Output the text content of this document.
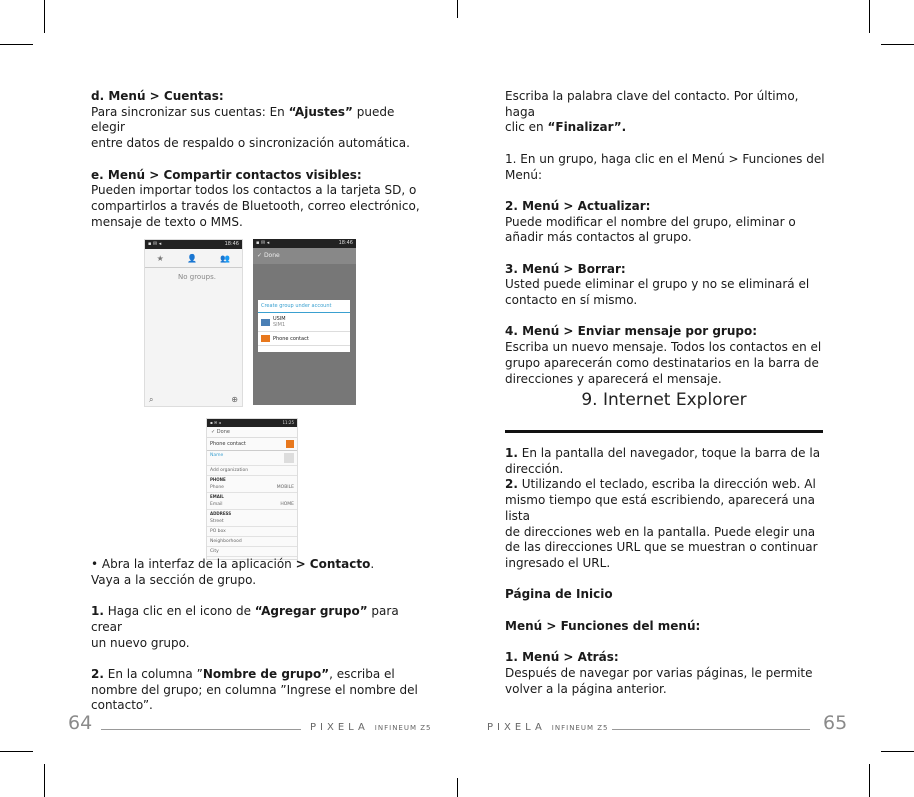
d. Menú > Cuentas:

Para sincronizar sus cuentas: En “Ajustes” puede elegir

entre datos de respaldo o sincronización automática.

e. Menú > Compartir contactos visibles:

Pueden importar todos los contactos a la tarjeta SD, o

compartirlos a través de Bluetooth, correo electrónico,

mensaje de texto o MMS.

▪ ✉ ◂	18:46
★	👤	👥
No groups.
⌕	⊕
▪ ✉ ◂	18:46
✓ Done
Create group under account
USIM
SIM1
Phone contact
▪ ✉ ◂	11:25
✓ Done
Phone contact
Name
Add organization
PHONE
Phone	MOBILE
EMAIL
Email	HOME
ADDRESS
Street
PO box
Neighborhood
City

• Abra la interfaz de la aplicación > Contacto.

Vaya a la sección de grupo.

1. Haga clic en el icono de “Agregar grupo” para crear

un nuevo grupo.

2. En la columna ”Nombre de grupo”, escriba el

nombre del grupo; en columna ”Ingrese el nombre del

contacto”.

Escriba la palabra clave del contacto. Por último, haga

clic en “Finalizar”.

1. En un grupo, haga clic en el Menú > Funciones del

Menú:

2. Menú > Actualizar:

Puede modificar el nombre del grupo, eliminar o

añadir más contactos al grupo.

3. Menú > Borrar:

Usted puede eliminar el grupo y no se eliminará el

contacto en sí mismo.

4. Menú > Enviar mensaje por grupo:

Escriba un nuevo mensaje. Todos los contactos en el

grupo aparecerán como destinatarios en la barra de

direcciones y aparecerá el mensaje.

9. Internet Explorer

1. En la pantalla del navegador, toque la barra de la

dirección.

2. Utilizando el teclado, escriba la dirección web. Al

mismo tiempo que está escribiendo, aparecerá una lista

de direcciones web en la pantalla. Puede elegir una

de las direcciones URL que se muestran o continuar

ingresado el URL.

Página de Inicio

Menú > Funciones del menú:

1. Menú > Atrás:

Después de navegar por varias páginas, le permite

volver a la página anterior.

64	PIXELA INFINEUM Z5	PIXELA INFINEUM Z5	65
